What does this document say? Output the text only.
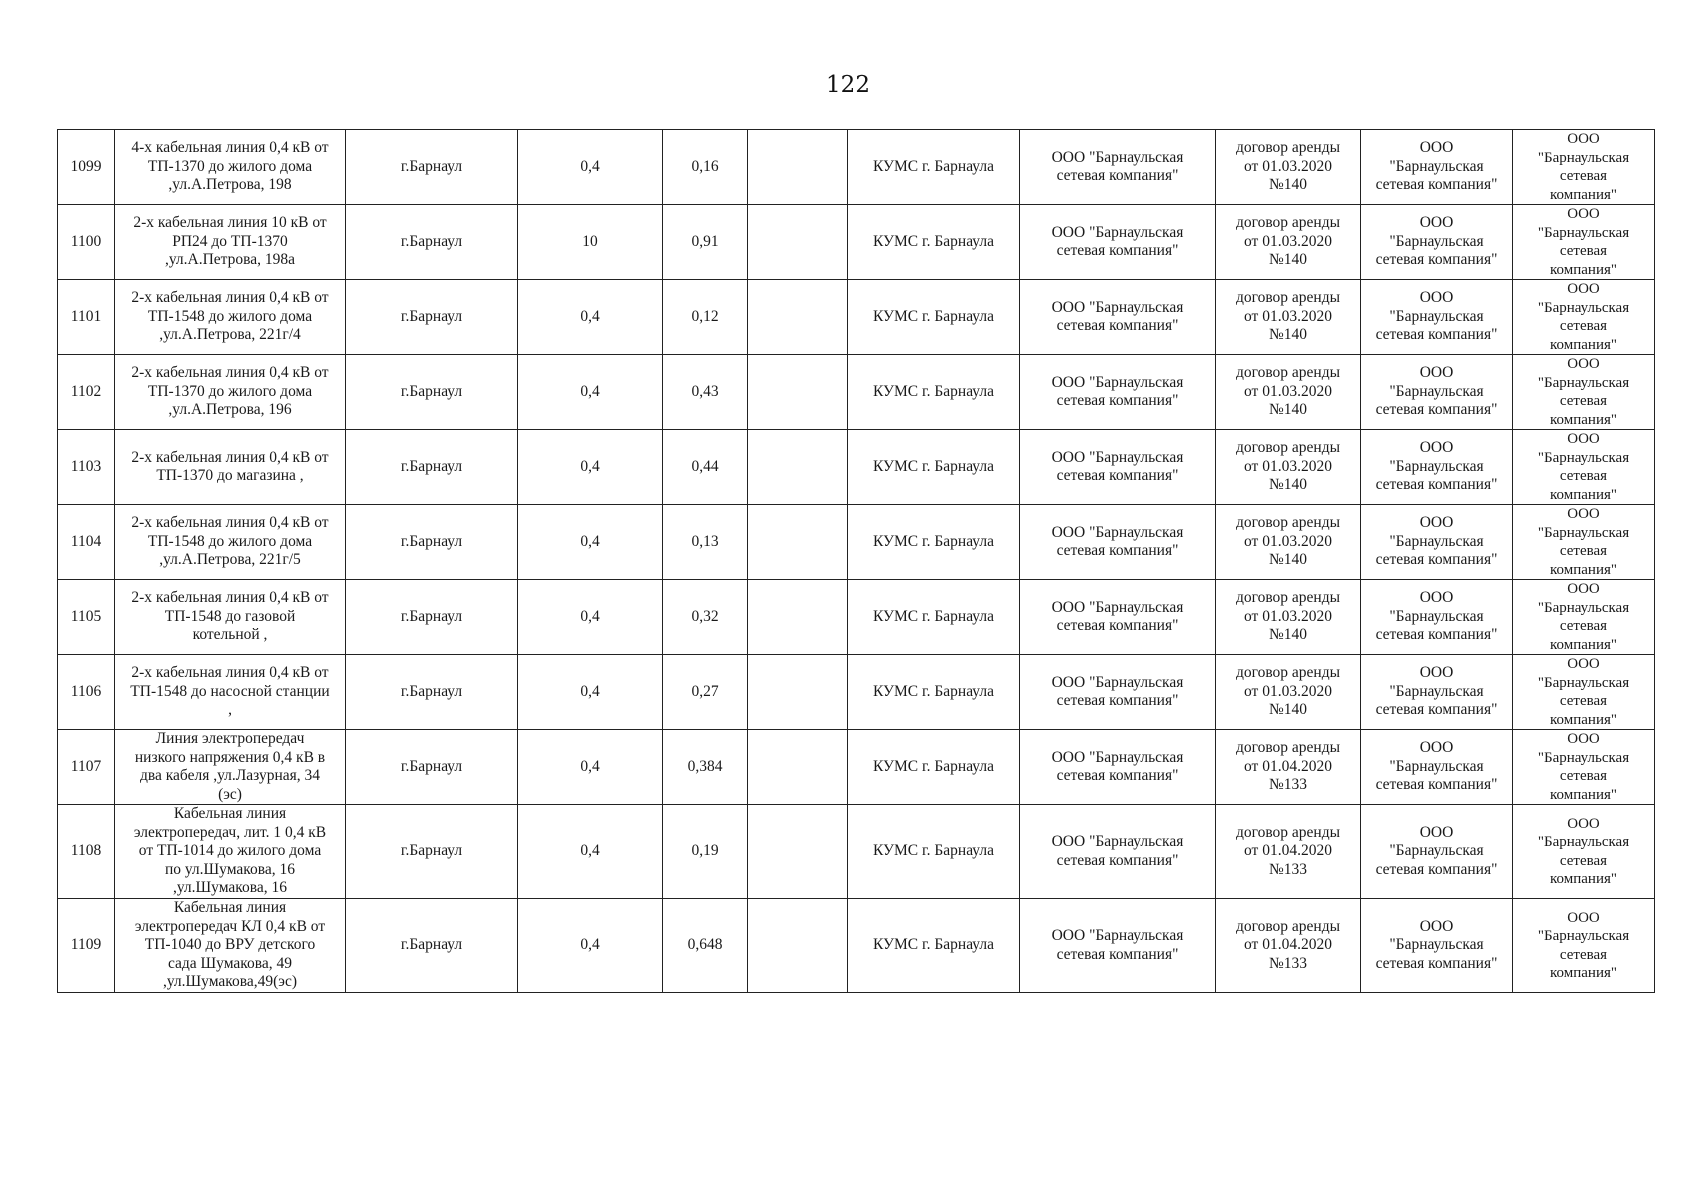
122
1099	4-х кабельная линия 0,4 кВ от
ТП-1370 до жилого дома
,ул.А.Петрова, 198	г.Барнаул	0,4	0,16		КУМС г. Барнаула	ООО "Барнаульская
сетевая компания"	договор аренды
от 01.03.2020
№140	ООО
"Барнаульская
сетевая компания"	ООО
"Барнаульская
сетевая
компания"
1100	2-х кабельная линия 10 кВ от
РП24 до ТП-1370
,ул.А.Петрова, 198а	г.Барнаул	10	0,91		КУМС г. Барнаула	ООО "Барнаульская
сетевая компания"	договор аренды
от 01.03.2020
№140	ООО
"Барнаульская
сетевая компания"	ООО
"Барнаульская
сетевая
компания"
1101	2-х кабельная линия 0,4 кВ от
ТП-1548 до жилого дома
,ул.А.Петрова, 221г/4	г.Барнаул	0,4	0,12		КУМС г. Барнаула	ООО "Барнаульская
сетевая компания"	договор аренды
от 01.03.2020
№140	ООО
"Барнаульская
сетевая компания"	ООО
"Барнаульская
сетевая
компания"
1102	2-х кабельная линия 0,4 кВ от
ТП-1370 до жилого дома
,ул.А.Петрова, 196	г.Барнаул	0,4	0,43		КУМС г. Барнаула	ООО "Барнаульская
сетевая компания"	договор аренды
от 01.03.2020
№140	ООО
"Барнаульская
сетевая компания"	ООО
"Барнаульская
сетевая
компания"
1103	2-х кабельная линия 0,4 кВ от
ТП-1370 до магазина ,	г.Барнаул	0,4	0,44		КУМС г. Барнаула	ООО "Барнаульская
сетевая компания"	договор аренды
от 01.03.2020
№140	ООО
"Барнаульская
сетевая компания"	ООО
"Барнаульская
сетевая
компания"
1104	2-х кабельная линия 0,4 кВ от
ТП-1548 до жилого дома
,ул.А.Петрова, 221г/5	г.Барнаул	0,4	0,13		КУМС г. Барнаула	ООО "Барнаульская
сетевая компания"	договор аренды
от 01.03.2020
№140	ООО
"Барнаульская
сетевая компания"	ООО
"Барнаульская
сетевая
компания"
1105	2-х кабельная линия 0,4 кВ от
ТП-1548 до газовой
котельной ,	г.Барнаул	0,4	0,32		КУМС г. Барнаула	ООО "Барнаульская
сетевая компания"	договор аренды
от 01.03.2020
№140	ООО
"Барнаульская
сетевая компания"	ООО
"Барнаульская
сетевая
компания"
1106	2-х кабельная линия 0,4 кВ от
ТП-1548 до насосной станции
,	г.Барнаул	0,4	0,27		КУМС г. Барнаула	ООО "Барнаульская
сетевая компания"	договор аренды
от 01.03.2020
№140	ООО
"Барнаульская
сетевая компания"	ООО
"Барнаульская
сетевая
компания"
1107	Линия электропередач
низкого напряжения 0,4 кВ в
два кабеля ,ул.Лазурная, 34
(эс)	г.Барнаул	0,4	0,384		КУМС г. Барнаула	ООО "Барнаульская
сетевая компания"	договор аренды
от 01.04.2020
№133	ООО
"Барнаульская
сетевая компания"	ООО
"Барнаульская
сетевая
компания"
1108	Кабельная линия
электропередач, лит. 1 0,4 кВ
от ТП-1014 до жилого дома
по ул.Шумакова, 16
,ул.Шумакова, 16	г.Барнаул	0,4	0,19		КУМС г. Барнаула	ООО "Барнаульская
сетевая компания"	договор аренды
от 01.04.2020
№133	ООО
"Барнаульская
сетевая компания"	ООО
"Барнаульская
сетевая
компания"
1109	Кабельная линия
электропередач КЛ 0,4 кВ от
ТП-1040 до ВРУ детского
сада Шумакова, 49
,ул.Шумакова,49(эс)	г.Барнаул	0,4	0,648		КУМС г. Барнаула	ООО "Барнаульская
сетевая компания"	договор аренды
от 01.04.2020
№133	ООО
"Барнаульская
сетевая компания"	ООО
"Барнаульская
сетевая
компания"
